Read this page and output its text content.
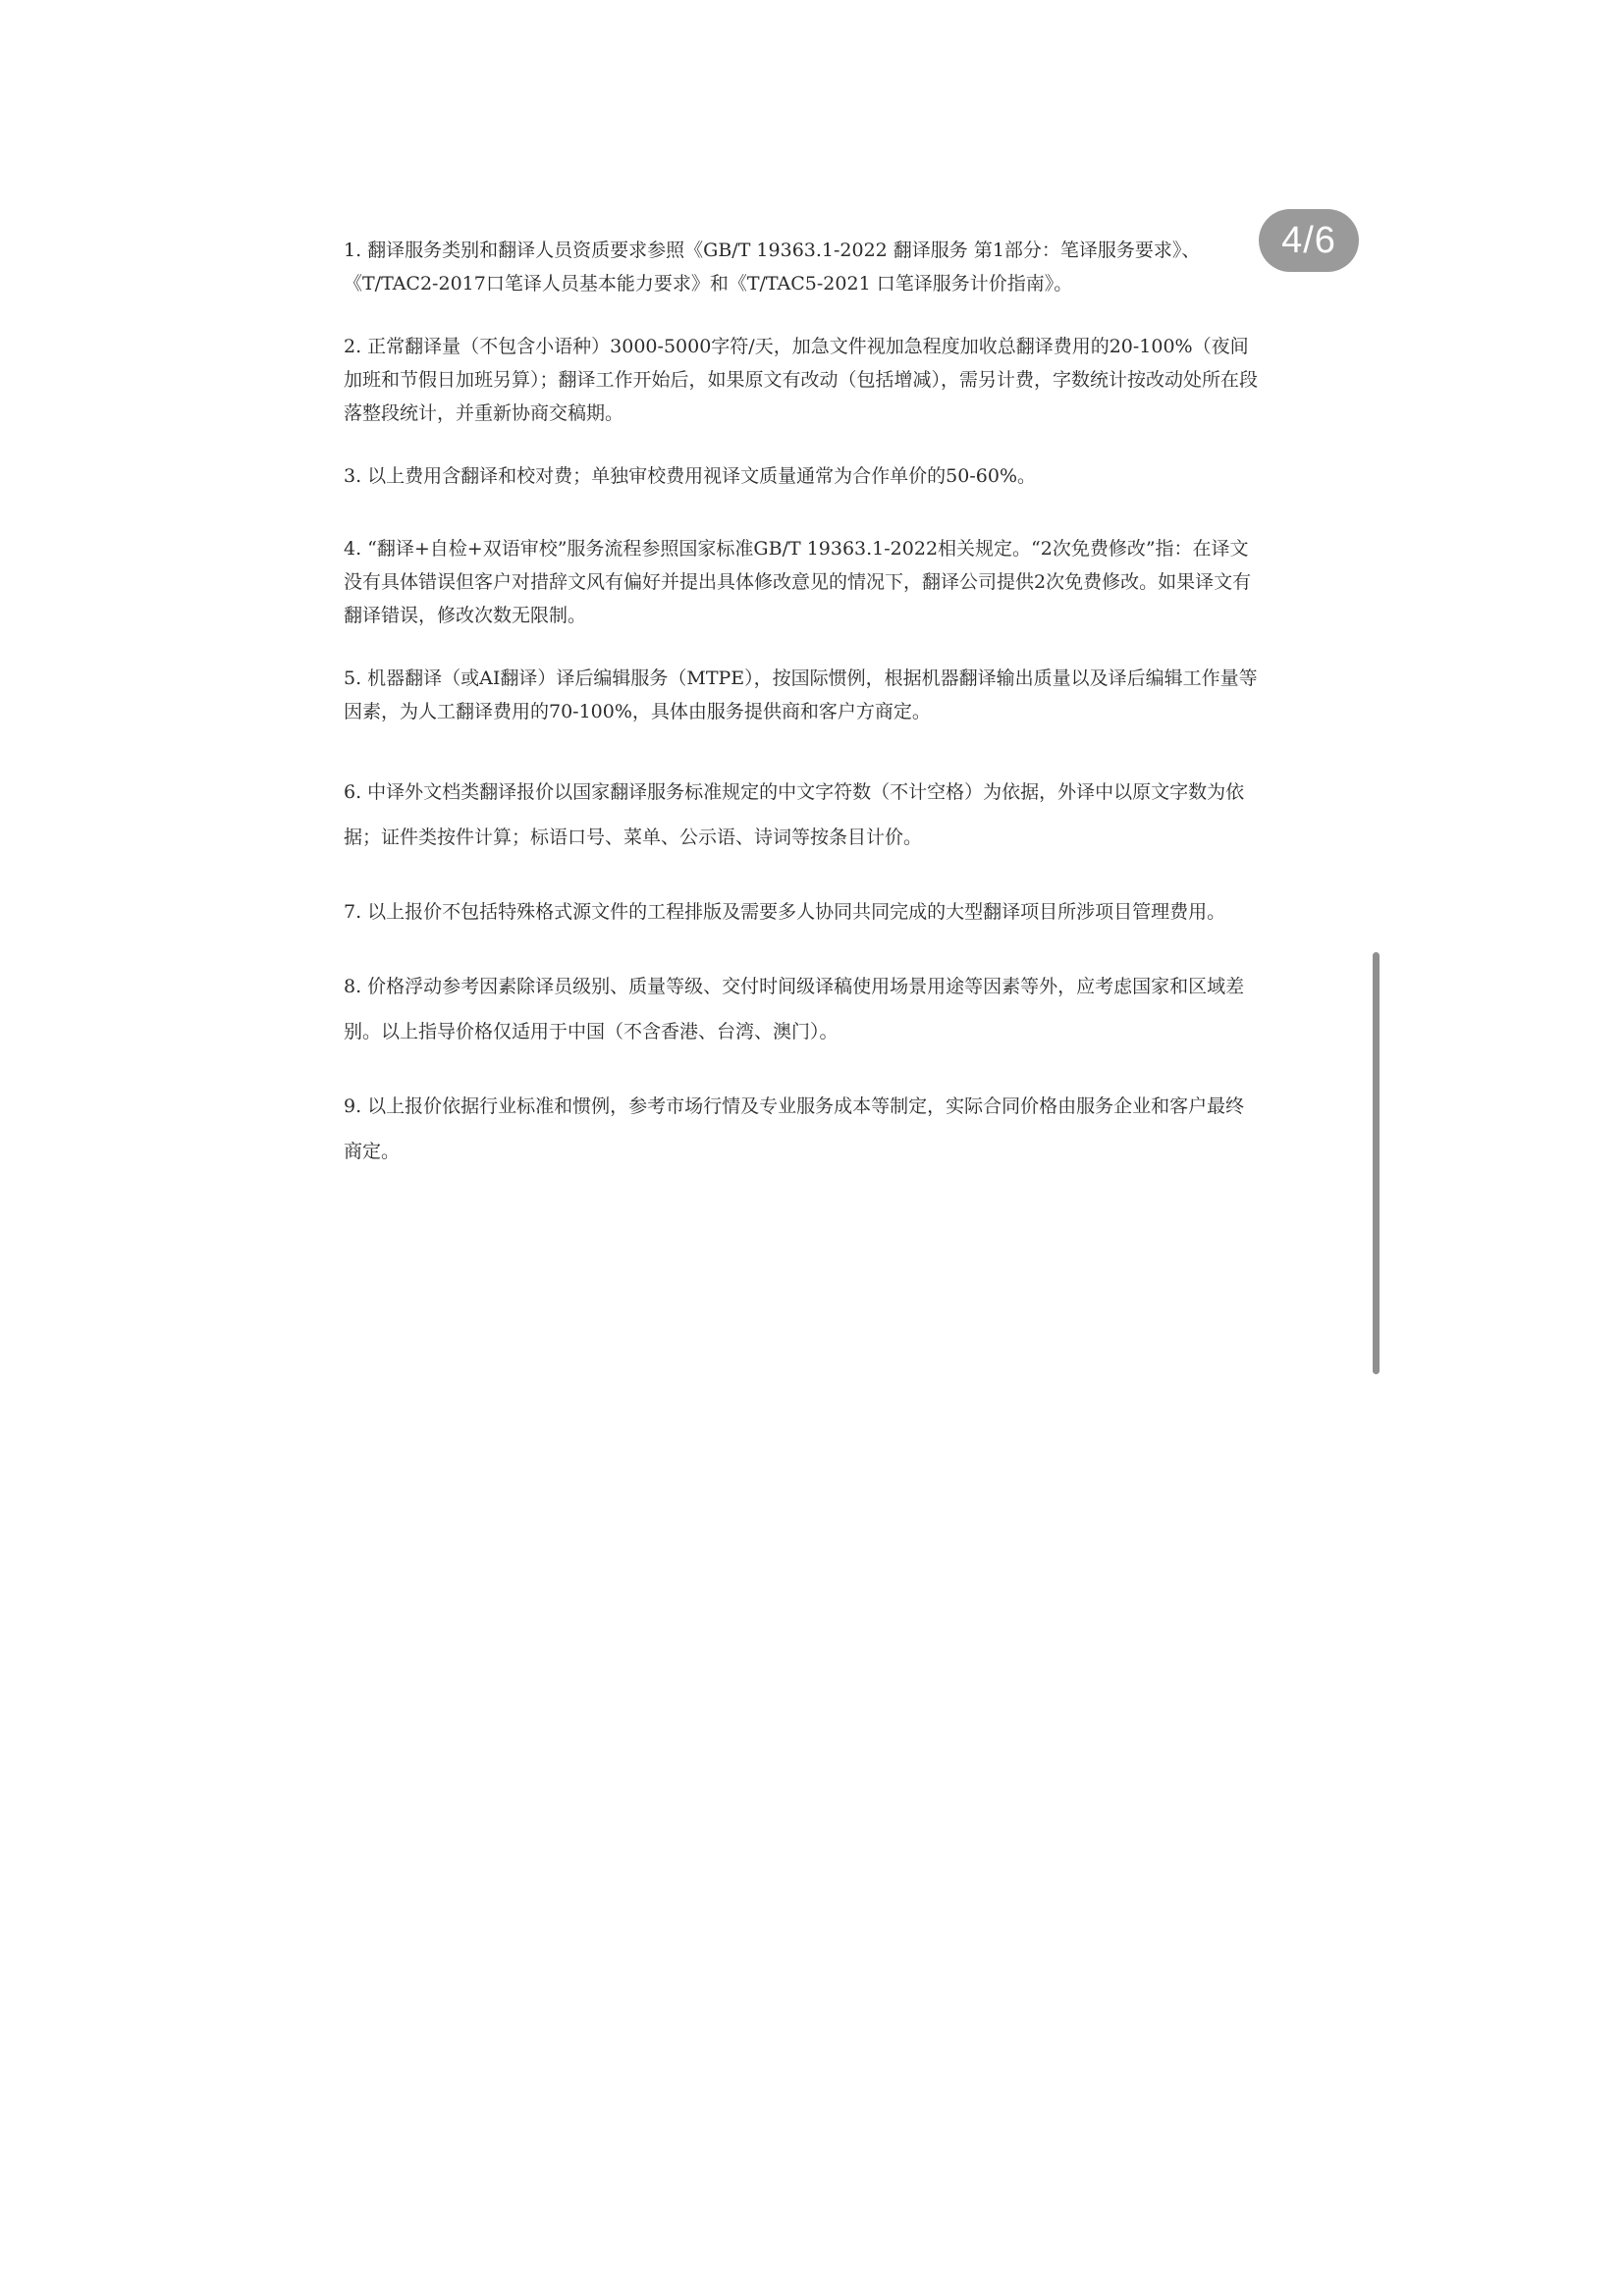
4/6

1. 翻译服务类别和翻译人员资质要求参照《GB/T 19363.1-2022 翻译服务 第1部分：笔译服务要求》、《T/TAC2-2017口笔译人员基本能力要求》和《T/TAC5-2021 口笔译服务计价指南》。

2. 正常翻译量（不包含小语种）3000-5000字符/天，加急文件视加急程度加收总翻译费用的20-100%（夜间加班和节假日加班另算）；翻译工作开始后，如果原文有改动（包括增减），需另计费，字数统计按改动处所在段落整段统计，并重新协商交稿期。

3. 以上费用含翻译和校对费；单独审校费用视译文质量通常为合作单价的50-60%。

4. “翻译+自检+双语审校”服务流程参照国家标准GB/T 19363.1-2022相关规定。“2次免费修改”指：在译文没有具体错误但客户对措辞文风有偏好并提出具体修改意见的情况下，翻译公司提供2次免费修改。如果译文有翻译错误，修改次数无限制。

5. 机器翻译（或AI翻译）译后编辑服务（MTPE），按国际惯例，根据机器翻译输出质量以及译后编辑工作量等因素，为人工翻译费用的70-100%，具体由服务提供商和客户方商定。

6. 中译外文档类翻译报价以国家翻译服务标准规定的中文字符数（不计空格）为依据，外译中以原文字数为依据；证件类按件计算；标语口号、菜单、公示语、诗词等按条目计价。

7. 以上报价不包括特殊格式源文件的工程排版及需要多人协同共同完成的大型翻译项目所涉项目管理费用。

8. 价格浮动参考因素除译员级别、质量等级、交付时间级译稿使用场景用途等因素等外，应考虑国家和区域差别。以上指导价格仅适用于中国（不含香港、台湾、澳门）。

9. 以上报价依据行业标准和惯例，参考市场行情及专业服务成本等制定，实际合同价格由服务企业和客户最终商定。
